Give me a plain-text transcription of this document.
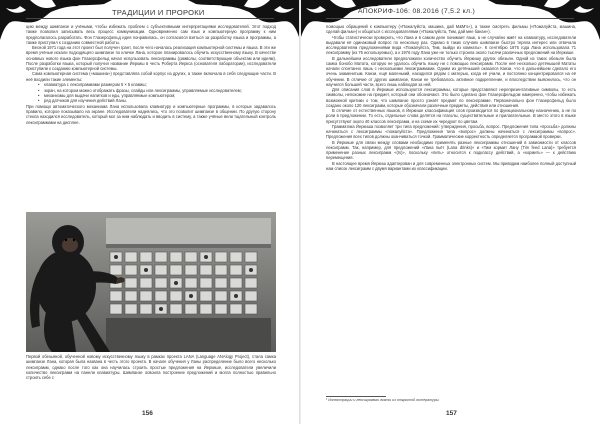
ТРАДИЦИИ И ПРОРОКИ

цию между шимпанзе и учёными, чтобы избежать проблем с субъективными интерпретациями исследователей. Этот подход также позволил записывать весь процесс коммуникации. Одновременно сам язык и компьютерную программу к ним предполагалось разработать. Фон Глазерсфельд идея понравилась, он согласился взяться за разработку языка и программы, а также приступил к созданию совместной работы.

Весной 1971 года на этот проект был получен грант, после чего началась реализация компьютерной системы и языка. В эти же время учёные искали подходящего шимпанзе по кличке Лана, которое планировалось обучить искусственному языку. В качестве основных нового языка фон Глазерсфельд начал использовать лексиграммы (символы, соответствующие объектам или идеям). После разработки языка, который получил название Йеркиш в честь Роберта Йеркса (основателя лаборатории), исследователи приступили к созданию компьютерной системы.

Сама компьютерная система («машина») представляла собой корпус из других, а также включала в себя следующие части. В неё входили такие элементы:

• клавиатура с лексиграммами размером 5 × 5 клавиш;
• экран, на котором можно отображать фразы, слайды или лексиграммы, управляемые исследователем;
• механизмы для выдачи напитков и еды, управляемые компьютером;
• ряд датчиков для изучения действий Ланы.

При помощи автоматического механизма Лана использовала клавиатуру и компьютерные программы, в которых задавалось правило, которое показывало на экране. Исследователи надеялись, что это позволит шимпанзе в общении. По другую сторону стекла находился исследователь, который мог за ним наблюдать и вводить в систему, а также учёные вели тщательный контроль лексиграммами на дисплее.

Первой обезьяной, обученной новому искусственному языку в рамках проекта LANA (Language ANAlogy Project), стала самка шимпанзе Лана, которая была названа в честь этого проекта. В начале обучения у Ланы распределение было всего несколько лексиграмм, однако после того как она научилась строить простые предложения на Йеркише, исследователи увеличили количество лексиграмм на панели клавиатуры. Шимпанзе освоила построение предложений и могла полностью правильно строить себе с

156
АПОКРИФ-106: 08.2016 (7,5.2 кл.)

помощью обращений к компьютеру («Пожалуйста, машина, дай M&M's»), а также смотреть фильмы («Пожалуйста, машина, сделай фильм») и общаться с исследователями («Пожалуйста, Тим, дай мне банан»).

Чтобы статистически проверить, что Лана и в самом деле понимает язык, а не случайно жмёт на клавиатуру, исследователи выдавали её одинаковый вопрос по нескольку раз. Однако в таких случаях шимпанзе быстро теряла интерес или отвечала исследователям предложениями вида «Пожалуйста, Тим, выйди из комнаты». К сентябрю 1975 года Лана использовала 71 лексиграмму (из 75 используемых), а к 1976 году Лана уже не только строила около тысячи различных предложений на Йеркише.

В дальнейшем исследователи предположили количество обучить Йеркишу других обезьян. Одной из таких обезьян была самка бонобо Матата, которую не удалось обучить языку ни с помощью лексиграмм. После неё несколько детёнышей Мататы начали спонтанно лишь с несколькими лексиграммами. Одним из детёнышей оказался Канзи, что в дальнейшем сделало его очень знаменитым. Канзи, ещё маленький, находился рядом с матерью, когда её учили, и постоянно концентрировался на её обучении. В отличие от других шимпанзе, Канзи не требовалось активное подкрепление, и впоследствии выяснилось, что он научился большей части, всего лишь наблюдая за ней.

Для описания слов в Йеркише используются лексиграммы, которые представляют нерепрезентативные символы, то есть символы, непохожие на предмет, который они обозначают. Это было сделано фон Глазерсфельдом намеренно, чтобы избежать возможной критики о том, что шимпанзе просто узнаёт предмет по лексиграмме. Первоначально фон Глазерсфельд было создано около 120 лексиграмм, которые обозначали различные предметы, действия или отношения.

В отличие от естественных языков, в Йеркише классификация слов производится по функциональному назначению, а не по роли в предложении. То есть, отдельные слова делятся на глаголы, существительные и прилагательные. В место этого в языке присутствуют около 40 классов лексиграмм, и на схеме их чередуют по цветам.

Грамматика Йеркиша позволяет три типа предложений: утверждения, просьба, вопрос. Предложения типа «просьба» должны начинаться с лексиграммы «пожалуйста». Предложения типа «вопрос» должны начинаться с лексиграммы «вопрос». Предложения всех типов должны оканчиваться точкой. Грамматические корректность определяется программой проверки.

В Йеркише для связи между словами необходимо применять разные лексиграммы отношений в зависимости от классов лексиграмм. Так, например, для предложений «Лана пьёт (Lana drinks)» и «Тим кормит Лану (Tim feed Lana)» требуется применение разных лексиграмм «(Is)», поскольку «пить» относится к подклассу действий, а «кормить» — к действию перемещения.

В настоящее время Йеркиш адаптирован и для современных электронных систем. Мы приводим наиболее полный доступный нам список лексиграмм с двумя вариантами их классификации.

¹ Иллюстрации и лексиграммы взяты из открытой литературы.
157
